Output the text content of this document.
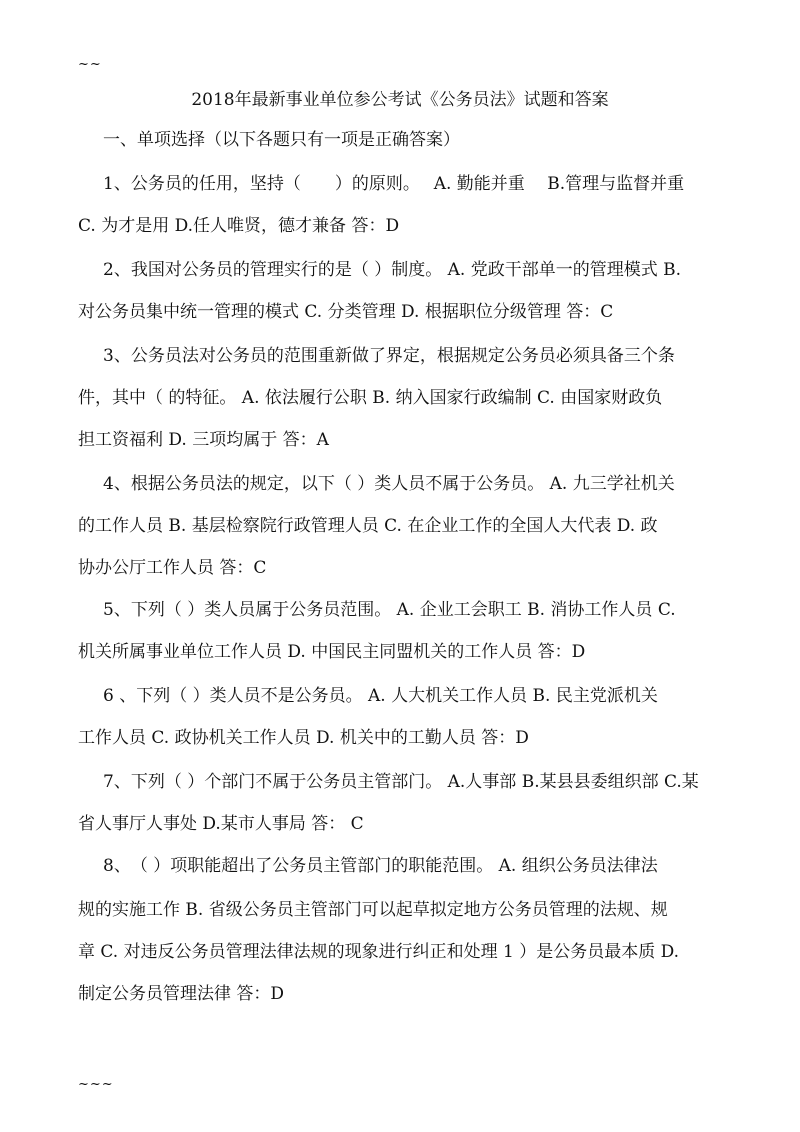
~~
2018年最新事业单位参公考试《公务员法》试题和答案
一、单项选择（以下各题只有一项是正确答案）
1、公务员的任用，坚持（　　）的原则。　 A. 勤能并重　 B.管理与监督并重
C. 为才是用 D.任人唯贤，德才兼备 答：D
2、我国对公务员的管理实行的是（ ）制度。 A. 党政干部单一的管理模式 B.
对公务员集中统一管理的模式 C. 分类管理 D. 根据职位分级管理 答：C
3、公务员法对公务员的范围重新做了界定，根据规定公务员必须具备三个条
件，其中（ 的特征。 A. 依法履行公职 B. 纳入国家行政编制 C. 由国家财政负
担工资福利 D. 三项均属于 答：A
4、根据公务员法的规定，以下（ ）类人员不属于公务员。 A. 九三学社机关
的工作人员 B. 基层检察院行政管理人员 C. 在企业工作的全国人大代表 D. 政
协办公厅工作人员 答：C
5、下列（ ）类人员属于公务员范围。 A. 企业工会职工 B. 消协工作人员 C.
机关所属事业单位工作人员 D. 中国民主同盟机关的工作人员 答：D
6 、下列（ ）类人员不是公务员。 A. 人大机关工作人员 B. 民主党派机关
工作人员 C. 政协机关工作人员 D. 机关中的工勤人员 答：D
7、下列（ ）个部门不属于公务员主管部门。 A.人事部 B.某县县委组织部 C.某
省人事厅人事处 D.某市人事局 答： C
8、　（ ）项职能超出了公务员主管部门的职能范围。 A. 组织公务员法律法
规的实施工作 B. 省级公务员主管部门可以起草拟定地方公务员管理的法规、规
章 C. 对违反公务员管理法律法规的现象进行纠正和处理 1 ）是公务员最本质 D.
制定公务员管理法律 答：D
~~~
